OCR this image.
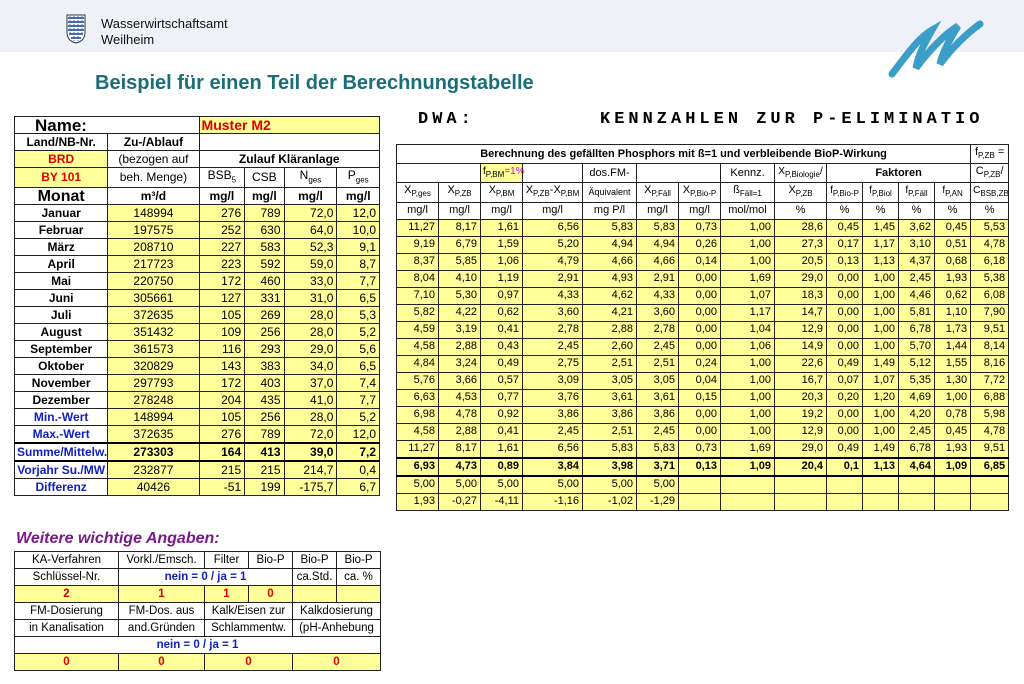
Wasserwirtschaftsamt
Weilheim
Beispiel für einen Teil der Berechnungstabelle
Name:		Muster M2			
Land/NB-Nr.	Zu-/Ablauf				
BRD	(bezogen auf	Zulauf Kläranlage			
BY 101	beh. Menge)	$BSB_5$	CSB	$N_{ges}$	$P_{ges}$
Monat	m³/d	mg/l	mg/l	mg/l	mg/l
Januar	148994	276	789	72,0	12,0
Februar	197575	252	630	64,0	10,0
März	208710	227	583	52,3	9,1
April	217723	223	592	59,0	8,7
Mai	220750	172	460	33,0	7,7
Juni	305661	127	331	31,0	6,5
Juli	372635	105	269	28,0	5,3
August	351432	109	256	28,0	5,2
September	361573	116	293	29,0	5,6
Oktober	320829	143	383	34,0	6,5
November	297793	172	403	37,0	7,4
Dezember	278248	204	435	41,0	7,7
Min.-Wert	148994	105	256	28,0	5,2
Max.-Wert	372635	276	789	72,0	12,0
Summe/Mittelw.	273303	164	413	39,0	7,2
Vorjahr Su./MW	232877	215	215	214,7	0,4
Differenz	40426	-51	199	-175,7	6,7
DWA:	KENNZAHLEN ZUR P-ELIMINATIO
Berechnung des gefällten Phosphors mit ß=1 und verbleibende BioP-Wirkung													$f_{P,ZB}$ =
		$f_{P,BM}=1\%$		dos.FM-			Kennz.	$X_{P,Biologie}/$	Faktoren				$C_{P,ZB}/$
$X_{P,ges}$	$X_{P,ZB}$	$X_{P,BM}$	$X_{P,ZB}-X_{P,BM}$	Äquivalent	$X_{P,Fäll}$	$X_{P,Bio-P}$	$ß_{Fäll=1}$	$X_{P,ZB}$	$f_{P,Bio-P}$	$f_{P,Biol}$	$f_{P,Fäll}$	$f_{P,AN}$	$C_{BSB,ZB}$
mg/l	mg/l	mg/l	mg/l	mg P/l	mg/l	mg/l	mol/mol	%	%	%	%	%	%
11,27	8,17	1,61	6,56	5,83	5,83	0,73	1,00	28,6	0,45	1,45	3,62	0,45	5,53
9,19	6,79	1,59	5,20	4,94	4,94	0,26	1,00	27,3	0,17	1,17	3,10	0,51	4,78
8,37	5,85	1,06	4,79	4,66	4,66	0,14	1,00	20,5	0,13	1,13	4,37	0,68	6,18
8,04	4,10	1,19	2,91	4,93	2,91	0,00	1,69	29,0	0,00	1,00	2,45	1,93	5,38
7,10	5,30	0,97	4,33	4,62	4,33	0,00	1,07	18,3	0,00	1,00	4,46	0,62	6,08
5,82	4,22	0,62	3,60	4,21	3,60	0,00	1,17	14,7	0,00	1,00	5,81	1,10	7,90
4,59	3,19	0,41	2,78	2,88	2,78	0,00	1,04	12,9	0,00	1,00	6,78	1,73	9,51
4,58	2,88	0,43	2,45	2,60	2,45	0,00	1,06	14,9	0,00	1,00	5,70	1,44	8,14
4,84	3,24	0,49	2,75	2,51	2,51	0,24	1,00	22,6	0,49	1,49	5,12	1,55	8,16
5,76	3,66	0,57	3,09	3,05	3,05	0,04	1,00	16,7	0,07	1,07	5,35	1,30	7,72
6,63	4,53	0,77	3,76	3,61	3,61	0,15	1,00	20,3	0,20	1,20	4,69	1,00	6,88
6,98	4,78	0,92	3,86	3,86	3,86	0,00	1,00	19,2	0,00	1,00	4,20	0,78	5,98
4,58	2,88	0,41	2,45	2,51	2,45	0,00	1,00	12,9	0,00	1,00	2,45	0,45	4,78
11,27	8,17	1,61	6,56	5,83	5,83	0,73	1,69	29,0	0,49	1,49	6,78	1,93	9,51
6,93	4,73	0,89	3,84	3,98	3,71	0,13	1,09	20,4	0,1	1,13	4,64	1,09	6,85
5,00	5,00	5,00	5,00	5,00	5,00								
1,93	-0,27	-4,11	-1,16	-1,02	-1,29								
Weitere wichtige Angaben:
KA-Verfahren	Vorkl./Emsch.	Filter	Bio-P	Bio-P	Bio-P
Schlüssel-Nr.	nein = 0 / ja = 1			ca.Std.	ca. %
2	1	1	0		
FM-Dosierung	FM-Dos. aus	Kalk/Eisen zur		Kalkdosierung	
in Kanalisation	and.Gründen	Schlammentw.		(pH-Anhebung	
nein = 0 / ja = 1					
0	0	0		0	
